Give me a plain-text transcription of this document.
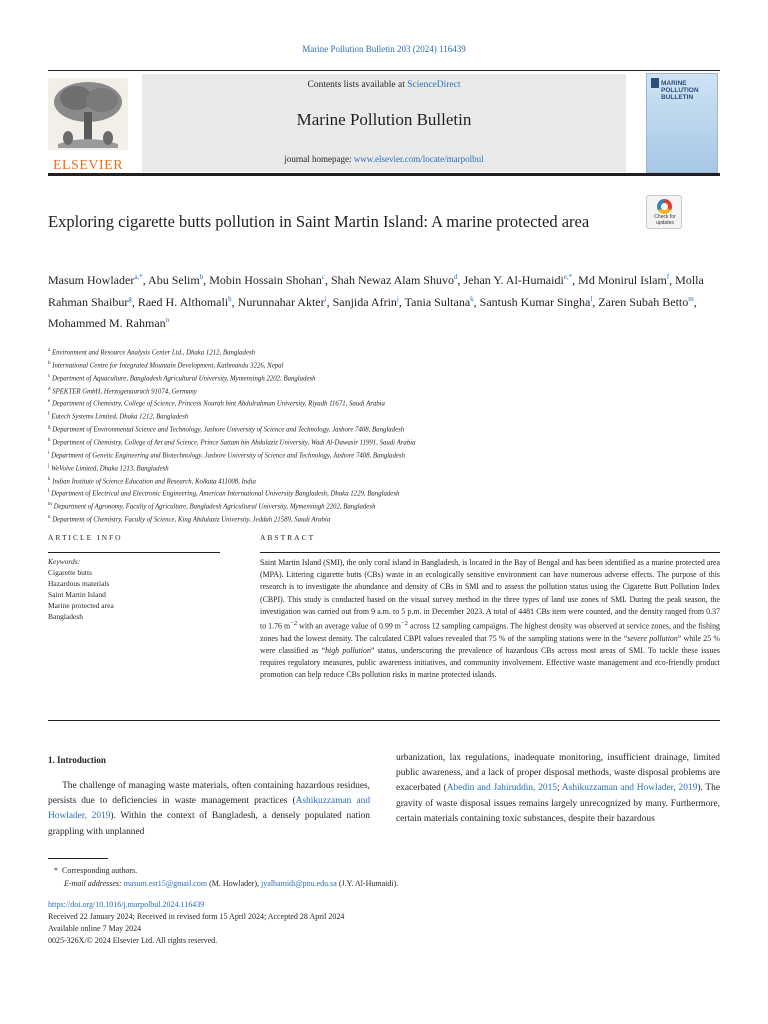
Marine Pollution Bulletin 203 (2024) 116439
ELSEVIER
Contents lists available at ScienceDirect
Marine Pollution Bulletin
journal homepage: www.elsevier.com/locate/marpolbul
MARINE
POLLUTION
BULLETIN
Exploring cigarette butts pollution in Saint Martin Island: A marine protected area	Check for
updates
Masum Howlader$^{a,*}$, Abu Selim$^b$, Mobin Hossain Shohan$^c$, Shah Newaz Alam Shuvo$^d$, Jehan Y. Al-Humaidi$^{e,*}$, Md Monirul Islam$^f$, Molla Rahman Shaibur$^g$, Raed H. Althomali$^h$, Nurunnahar Akter$^i$, Sanjida Afrin$^j$, Tania Sultana$^k$, Santush Kumar Singha$^l$, Zaren Subah Betto$^m$, Mohammed M. Rahman$^n$
$^a$ Environment and Resource Analysis Center Ltd., Dhaka 1212, Bangladesh
$^b$ International Centre for Integrated Mountain Development, Kathmandu 3226, Nepal
$^c$ Department of Aquaculture, Bangladesh Agricultural University, Mymensingh 2202, Bangladesh
$^d$ SPEKTER GmbH, Herzogenaurach 91074, Germany
$^e$ Department of Chemistry, College of Science, Princess Nourah bint Abdulrahman University, Riyadh 11671, Saudi Arabia
$^f$ Eutech Systems Limited, Dhaka 1212, Bangladesh
$^g$ Department of Environmental Science and Technology, Jashore University of Science and Technology, Jashore 7408, Bangladesh
$^h$ Department of Chemistry, College of Art and Science, Prince Sattam bin Abdulaziz University, Wadi Al-Dawasir 11991, Saudi Arabia
$^i$ Department of Genetic Engineering and Biotechnology, Jashore University of Science and Technology, Jashore 7408, Bangladesh
$^j$ WeVolve Limited, Dhaka 1213, Bangladesh
$^k$ Indian Institute of Science Education and Research, Kolkata 411008, India
$^l$ Department of Electrical and Electronic Engineering, American International University Bangladesh, Dhaka 1229, Bangladesh
$^m$ Department of Agronomy, Faculty of Agriculture, Bangladesh Agricultural University, Mymensingh 2202, Bangladesh
$^n$ Department of Chemistry, Faculty of Science, King Abdulaziz University, Jeddah 21589, Saudi Arabia
ARTICLE INFO
Keywords:
Cigarette butts
Hazardous materials
Saint Martin Island
Marine protected area
Bangladesh
ABSTRACT
Saint Martin Island (SMI), the only coral island in Bangladesh, is located in the Bay of Bengal and has been identified as a marine protected area (MPA). Littering cigarette butts (CBs) waste in an ecologically sensitive environment can have numerous adverse effects. The purpose of this research is to investigate the abundance and density of CBs in SMI and to assess the pollution status using the Cigarette Butt Pollution Index (CBPI). This study is conducted based on the visual survey method in the three types of land use zones of SMI. During the peak season, the investigation was carried out from 9 a.m. to 5 p.m. in December 2023. A total of 4481 CBs item were counted, and the density ranged from 0.37 to 1.76 $m^{-2}$ with an average value of 0.99 $m^{-2}$ across 12 sampling campaigns. The highest density was observed at service zones, and the fishing zones had the lowest density. The calculated CBPI values revealed that 75 % of the sampling stations were in the “severe pollution” while 25 % were classified as “high pollution” status, underscoring the prevalence of hazardous CBs across most areas of SMI. To tackle these issues requires regulatory measures, public awareness initiatives, and community involvement. Effective waste management and eco-friendly product promotion can help reduce CBs pollution risks in marine protected islands.
1. Introduction
  The challenge of managing waste materials, often containing hazardous residues, persists due to deficiencies in waste management practices (Ashikuzzaman and Howlader, 2019). Within the context of Bangladesh, a densely populated nation grappling with unplanned
urbanization, lax regulations, inadequate monitoring, insufficient drainage, limited public awareness, and a lack of proper disposal methods, waste disposal problems are exacerbated (Abedin and Jahiruddin, 2015; Ashikuzzaman and Howlader, 2019). The gravity of waste disposal issues remains largely unrecognized by many. Furthermore, certain materials containing toxic substances, despite their hazardous
* Corresponding authors.
E-mail addresses: masum.est15@gmail.com (M. Howlader), jyalhamidi@pnu.edu.sa (J.Y. Al-Humaidi).
https://doi.org/10.1016/j.marpolbul.2024.116439
Received 22 January 2024; Received in revised form 15 April 2024; Accepted 28 April 2024
Available online 7 May 2024
0025-326X/© 2024 Elsevier Ltd. All rights reserved.
